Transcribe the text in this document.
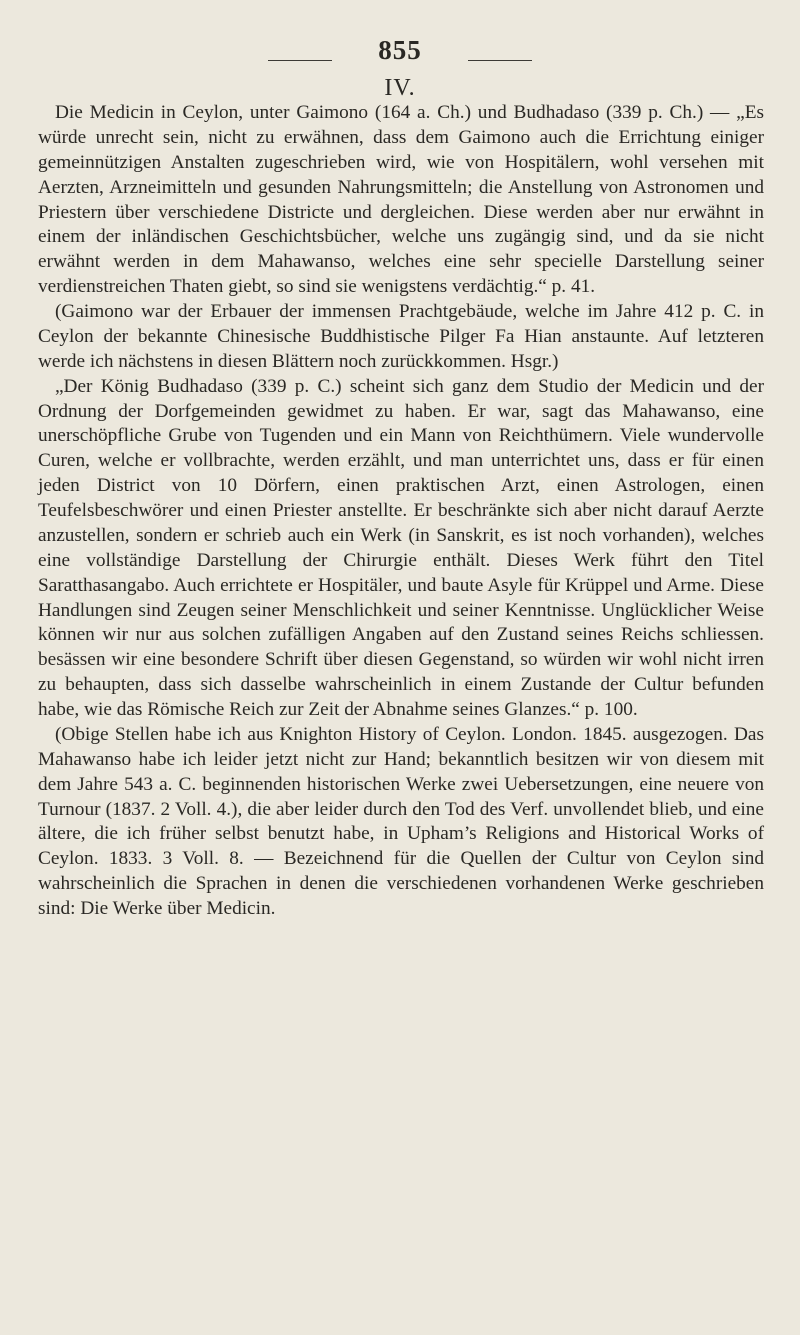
855
IV.

Die Medicin in Ceylon, unter Gaimono (164 a. Ch.) und Budhadaso (339 p. Ch.) — „Es würde unrecht sein, nicht zu erwähnen, dass dem Gaimono auch die Errichtung einiger gemeinnützigen Anstalten zugeschrieben wird, wie von Hospitälern, wohl versehen mit Aerzten, Arzneimitteln und gesunden Nahrungsmitteln; die Anstellung von Astronomen und Priestern über verschiedene Districte und dergleichen. Diese werden aber nur erwähnt in einem der inländischen Geschichtsbücher, welche uns zugängig sind, und da sie nicht erwähnt werden in dem Mahawanso, welches eine sehr specielle Darstellung seiner verdienstreichen Thaten giebt, so sind sie wenigstens verdächtig.“ p. 41.

(Gaimono war der Erbauer der immensen Prachtgebäude, welche im Jahre 412 p. C. in Ceylon der bekannte Chinesische Buddhistische Pilger Fa Hian anstaunte. Auf letzteren werde ich nächstens in diesen Blättern noch zurückkommen. Hsgr.)

„Der König Budhadaso (339 p. C.) scheint sich ganz dem Studio der Medicin und der Ordnung der Dorfgemeinden gewidmet zu haben. Er war, sagt das Mahawanso, eine unerschöpfliche Grube von Tugenden und ein Mann von Reichthümern. Viele wundervolle Curen, welche er vollbrachte, werden erzählt, und man unterrichtet uns, dass er für einen jeden District von 10 Dörfern, einen praktischen Arzt, einen Astrologen, einen Teufelsbeschwörer und einen Priester anstellte. Er beschränkte sich aber nicht darauf Aerzte anzustellen, sondern er schrieb auch ein Werk (in Sanskrit, es ist noch vorhanden), welches eine vollständige Darstellung der Chirurgie enthält. Dieses Werk führt den Titel Saratthasangabo. Auch errichtete er Hospitäler, und baute Asyle für Krüppel und Arme. Diese Handlungen sind Zeugen seiner Menschlichkeit und seiner Kenntnisse. Unglücklicher Weise können wir nur aus solchen zufälligen Angaben auf den Zustand seines Reichs schliessen. besässen wir eine besondere Schrift über diesen Gegenstand, so würden wir wohl nicht irren zu behaupten, dass sich dasselbe wahrscheinlich in einem Zustande der Cultur befunden habe, wie das Römische Reich zur Zeit der Abnahme seines Glanzes.“ p. 100.

(Obige Stellen habe ich aus Knighton History of Ceylon. London. 1845. ausgezogen. Das Mahawanso habe ich leider jetzt nicht zur Hand; bekanntlich besitzen wir von diesem mit dem Jahre 543 a. C. beginnenden historischen Werke zwei Uebersetzungen, eine neuere von Turnour (1837. 2 Voll. 4.), die aber leider durch den Tod des Verf. unvollendet blieb, und eine ältere, die ich früher selbst benutzt habe, in Upham’s Religions and Historical Works of Ceylon. 1833. 3 Voll. 8. — Bezeichnend für die Quellen der Cultur von Ceylon sind wahrscheinlich die Sprachen in denen die verschiedenen vorhandenen Werke geschrieben sind: Die Werke über Medicin.
